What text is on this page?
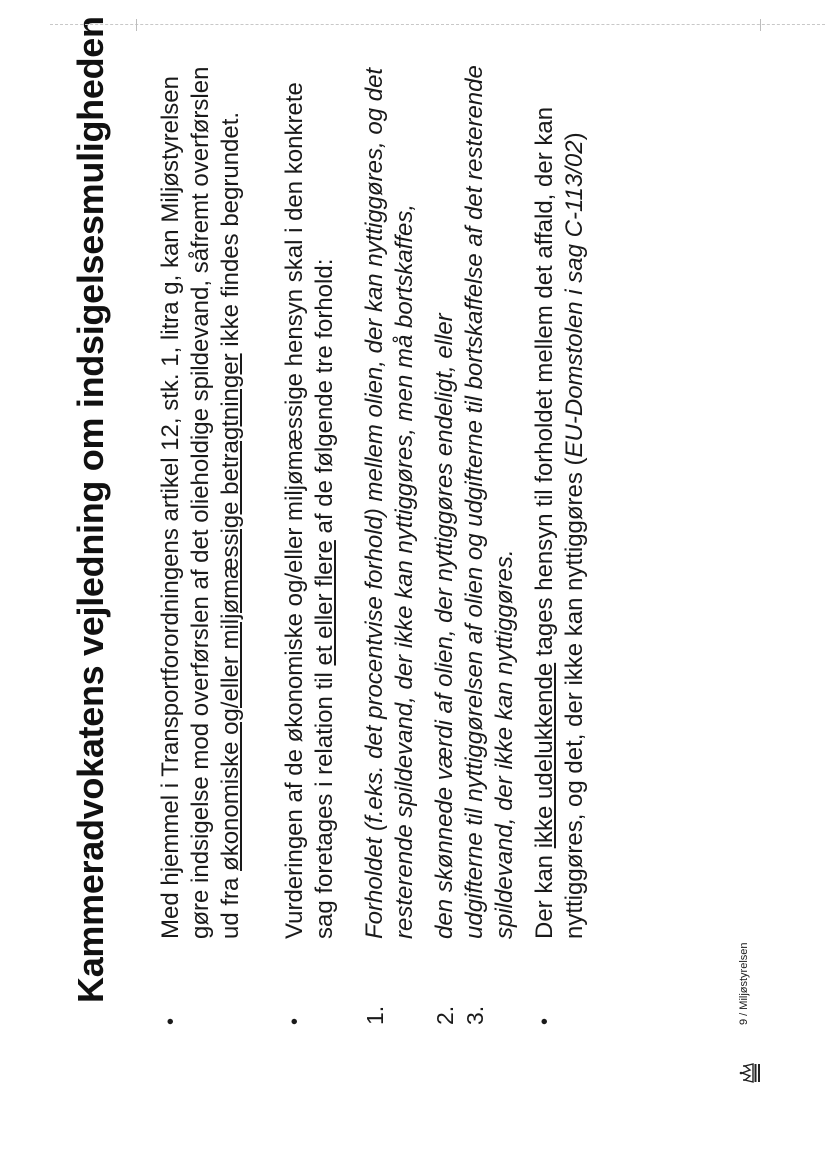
Kammeradvokatens vejledning om indsigelsesmuligheden
•
Med hjemmel i Transportforordningens artikel 12, stk. 1, litra g, kan Miljøstyrelsen gøre indsigelse mod overførslen af det olieholdige spildevand, såfremt overførslen ud fra økonomiske og/eller miljømæssige betragtninger ikke findes begrundet.
•
Vurderingen af de økonomiske og/eller miljømæssige hensyn skal i den konkrete sag foretages i relation til et eller flere af de følgende tre forhold:
1.
Forholdet (f.eks. det procentvise forhold) mellem olien, der kan nyttiggøres, og det resterende spildevand, der ikke kan nyttiggøres, men må bortskaffes,
2.
den skønnede værdi af olien, der nyttiggøres endeligt, eller
3.
udgifterne til nyttiggørelsen af olien og udgifterne til bortskaffelse af det resterende spildevand, der ikke kan nyttiggøres.
•
Der kan ikke udelukkende tages hensyn til forholdet mellem det affald, der kan nyttiggøres, og det, der ikke kan nyttiggøres (EU-Domstolen i sag C-113/02)
9 / Miljøstyrelsen
